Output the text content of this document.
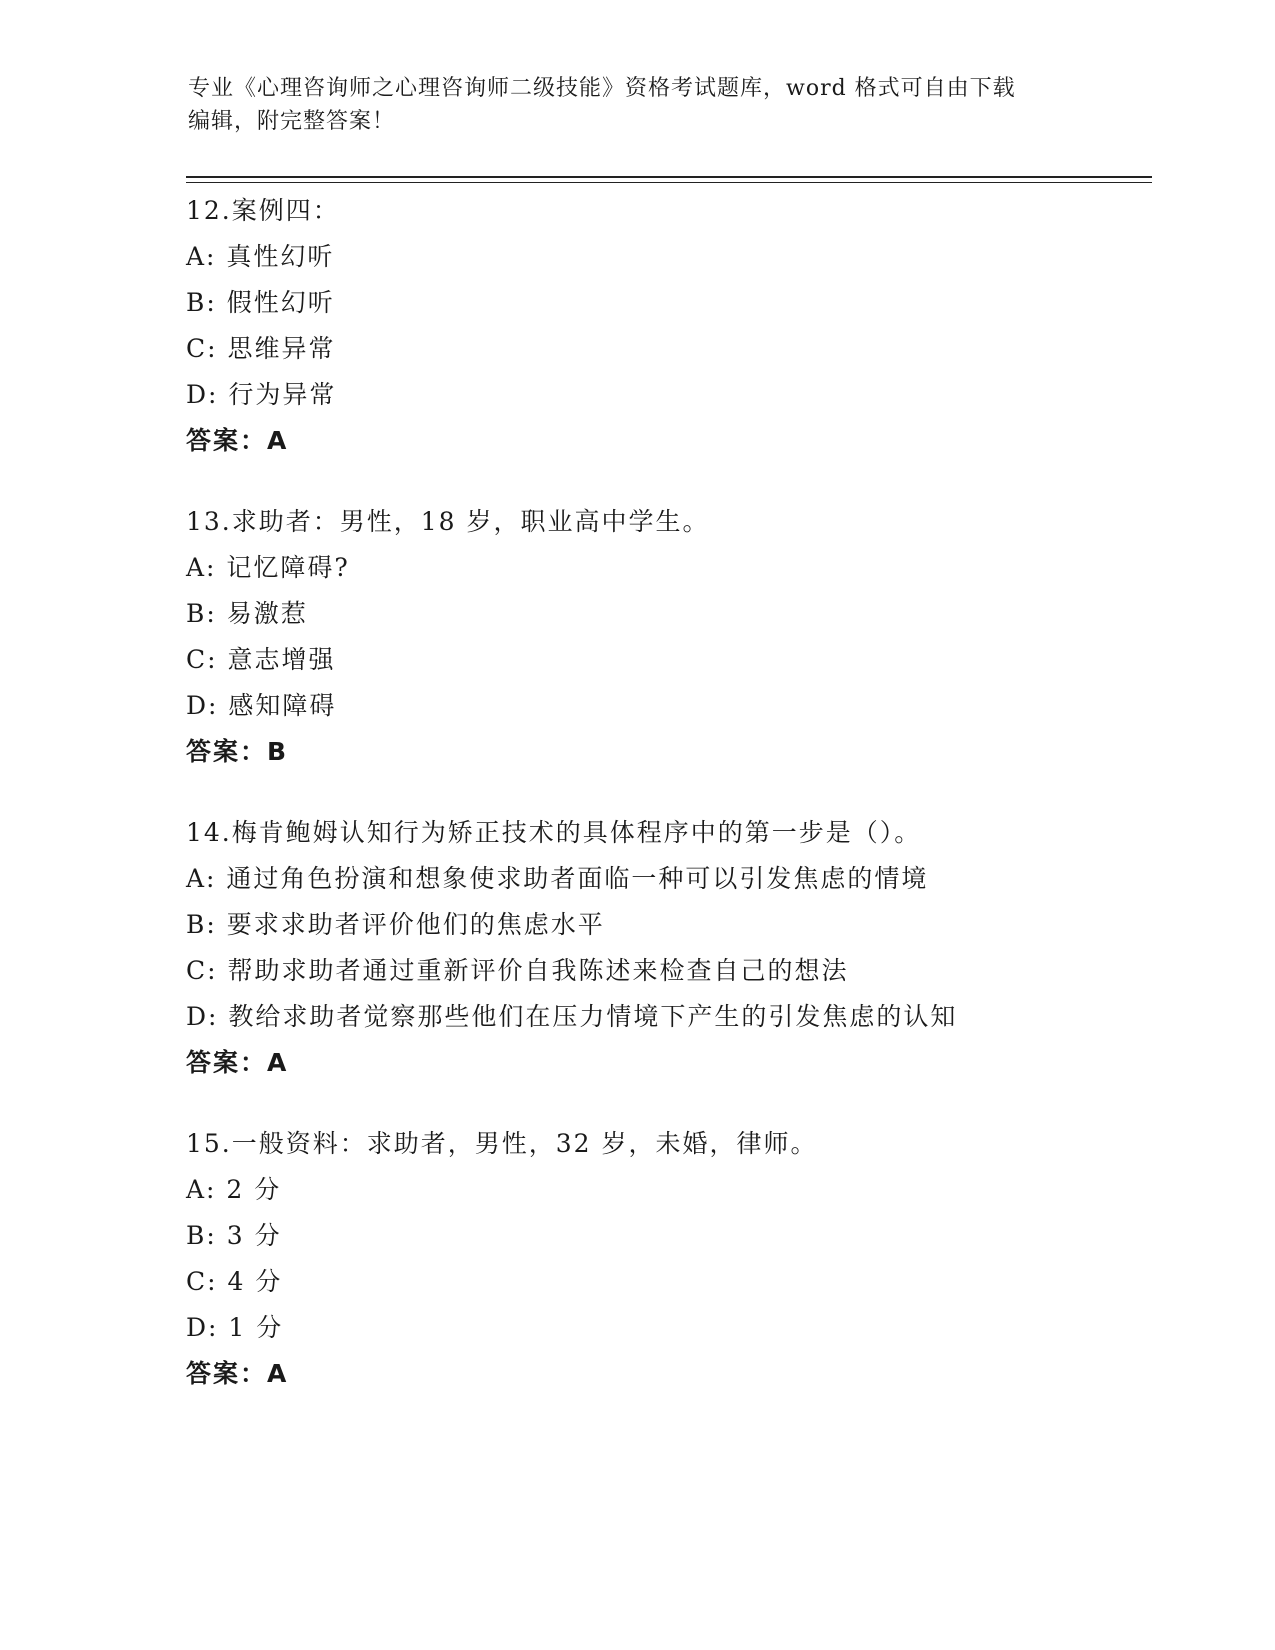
专业《心理咨询师之心理咨询师二级技能》资格考试题库，word 格式可自由下载
编辑，附完整答案！
12.案例四：
A: 真性幻听
B: 假性幻听
C: 思维异常
D: 行为异常
答案：A
13.求助者：男性，18 岁，职业高中学生。
A: 记忆障碍?
B: 易激惹
C: 意志增强
D: 感知障碍
答案：B
14.梅肯鲍姆认知行为矫正技术的具体程序中的第一步是（）。
A: 通过角色扮演和想象使求助者面临一种可以引发焦虑的情境
B: 要求求助者评价他们的焦虑水平
C: 帮助求助者通过重新评价自我陈述来检查自己的想法
D: 教给求助者觉察那些他们在压力情境下产生的引发焦虑的认知
答案：A
15.一般资料：求助者，男性，32 岁，未婚，律师。
A: 2 分
B: 3 分
C: 4 分
D: 1 分
答案：A
